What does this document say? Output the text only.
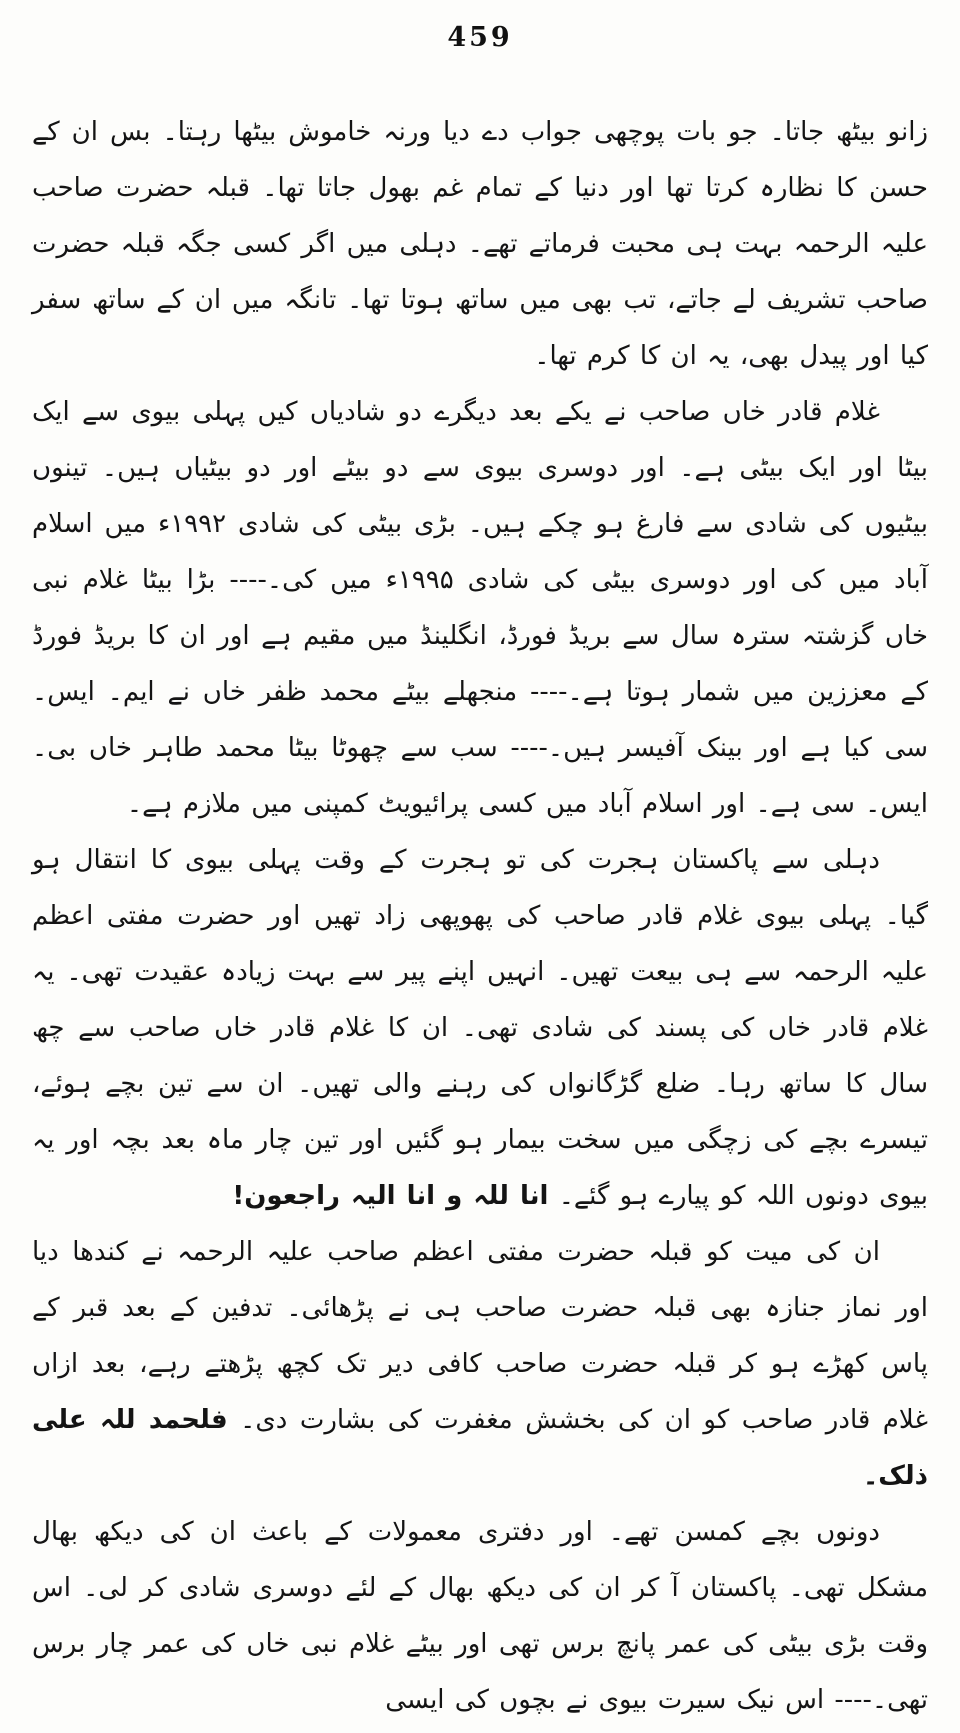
459

زانو بیٹھ جاتا۔ جو بات پوچھی جواب دے دیا ورنہ خاموش بیٹھا رہتا۔ بس ان کے حسن کا نظارہ کرتا تھا اور دنیا کے تمام غم بھول جاتا تھا۔ قبلہ حضرت صاحب علیہ الرحمہ بہت ہی محبت فرماتے تھے۔ دہلی میں اگر کسی جگہ قبلہ حضرت صاحب تشریف لے جاتے، تب بھی میں ساتھ ہوتا تھا۔ تانگہ میں ان کے ساتھ سفر کیا اور پیدل بھی، یہ ان کا کرم تھا۔

غلام قادر خاں صاحب نے یکے بعد دیگرے دو شادیاں کیں پہلی بیوی سے ایک بیٹا اور ایک بیٹی ہے۔ اور دوسری بیوی سے دو بیٹے اور دو بیٹیاں ہیں۔ تینوں بیٹیوں کی شادی سے فارغ ہو چکے ہیں۔ بڑی بیٹی کی شادی ۱۹۹۲ء میں اسلام آباد میں کی اور دوسری بیٹی کی شادی ۱۹۹۵ء میں کی۔---- بڑا بیٹا غلام نبی خاں گزشتہ سترہ سال سے بریڈ فورڈ، انگلینڈ میں مقیم ہے اور ان کا بریڈ فورڈ کے معززین میں شمار ہوتا ہے۔---- منجھلے بیٹے محمد ظفر خاں نے ایم۔ ایس۔ سی کیا ہے اور بینک آفیسر ہیں۔---- سب سے چھوٹا بیٹا محمد طاہر خاں بی۔ ایس۔ سی ہے۔ اور اسلام آباد میں کسی پرائیویٹ کمپنی میں ملازم ہے۔

دہلی سے پاکستان ہجرت کی تو ہجرت کے وقت پہلی بیوی کا انتقال ہو گیا۔ پہلی بیوی غلام قادر صاحب کی پھوپھی زاد تھیں اور حضرت مفتی اعظم علیہ الرحمہ سے ہی بیعت تھیں۔ انہیں اپنے پیر سے بہت زیادہ عقیدت تھی۔ یہ غلام قادر خاں کی پسند کی شادی تھی۔ ان کا غلام قادر خاں صاحب سے چھ سال کا ساتھ رہا۔ ضلع گڑگانواں کی رہنے والی تھیں۔ ان سے تین بچے ہوئے، تیسرے بچے کی زچگی میں سخت بیمار ہو گئیں اور تین چار ماہ بعد بچہ اور یہ بیوی دونوں اللہ کو پیارے ہو گئے۔ انا للہ و انا الیہ راجعون!

ان کی میت کو قبلہ حضرت مفتی اعظم صاحب علیہ الرحمہ نے کندھا دیا اور نماز جنازہ بھی قبلہ حضرت صاحب ہی نے پڑھائی۔ تدفین کے بعد قبر کے پاس کھڑے ہو کر قبلہ حضرت صاحب کافی دیر تک کچھ پڑھتے رہے، بعد ازاں غلام قادر صاحب کو ان کی بخشش مغفرت کی بشارت دی۔ فلحمد للہ علی ذلک۔

دونوں بچے کمسن تھے۔ اور دفتری معمولات کے باعث ان کی دیکھ بھال مشکل تھی۔ پاکستان آ کر ان کی دیکھ بھال کے لئے دوسری شادی کر لی۔ اس وقت بڑی بیٹی کی عمر پانچ برس تھی اور بیٹے غلام نبی خاں کی عمر چار برس تھی۔---- اس نیک سیرت بیوی نے بچوں کی ایسی
